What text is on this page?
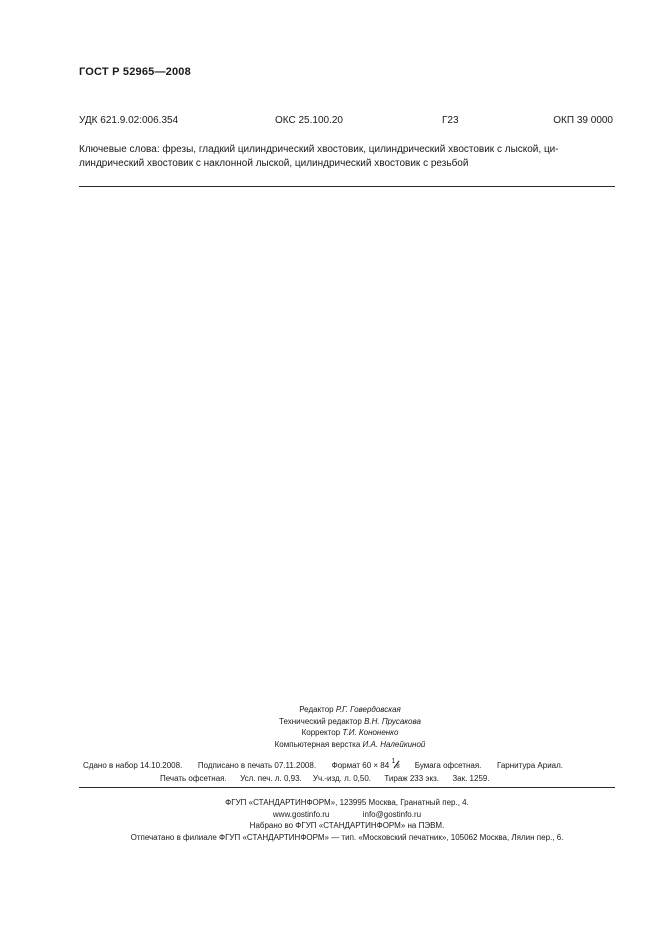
ГОСТ Р 52965—2008
УДК 621.9.02:006.354	ОКС 25.100.20	Г23	ОКП 39 0000
Ключевые слова: фрезы, гладкий цилиндрический хвостовик, цилиндрический хвостовик с лыской, ци-
линдрический хвостовик с наклонной лыской, цилиндрический хвостовик с резьбой
Редактор Р.Г. Говердовская
Технический редактор В.Н. Прусакова
Корректор Т.И. Кононенко
Компьютерная верстка И.А. Налейкиной
Сдано в набор 14.10.2008. Подписано в печать 07.11.2008. Формат 60 × 84 1
8 Бумага офсетная. Гарнитура Ариал.
Печать офсетная. Усл. печ. л. 0,93. Уч.-изд. л. 0,50. Тираж 233 экз. Зак. 1259.
ФГУП «СТАНДАРТИНФОРМ», 123995 Москва, Гранатный пер., 4.
www.gostinfo.ru	info@gostinfo.ru
Набрано во ФГУП «СТАНДАРТИНФОРМ» на ПЭВМ.
Отпечатано в филиале ФГУП «СТАНДАРТИНФОРМ» — тип. «Московский печатник», 105062 Москва, Лялин пер., 6.
